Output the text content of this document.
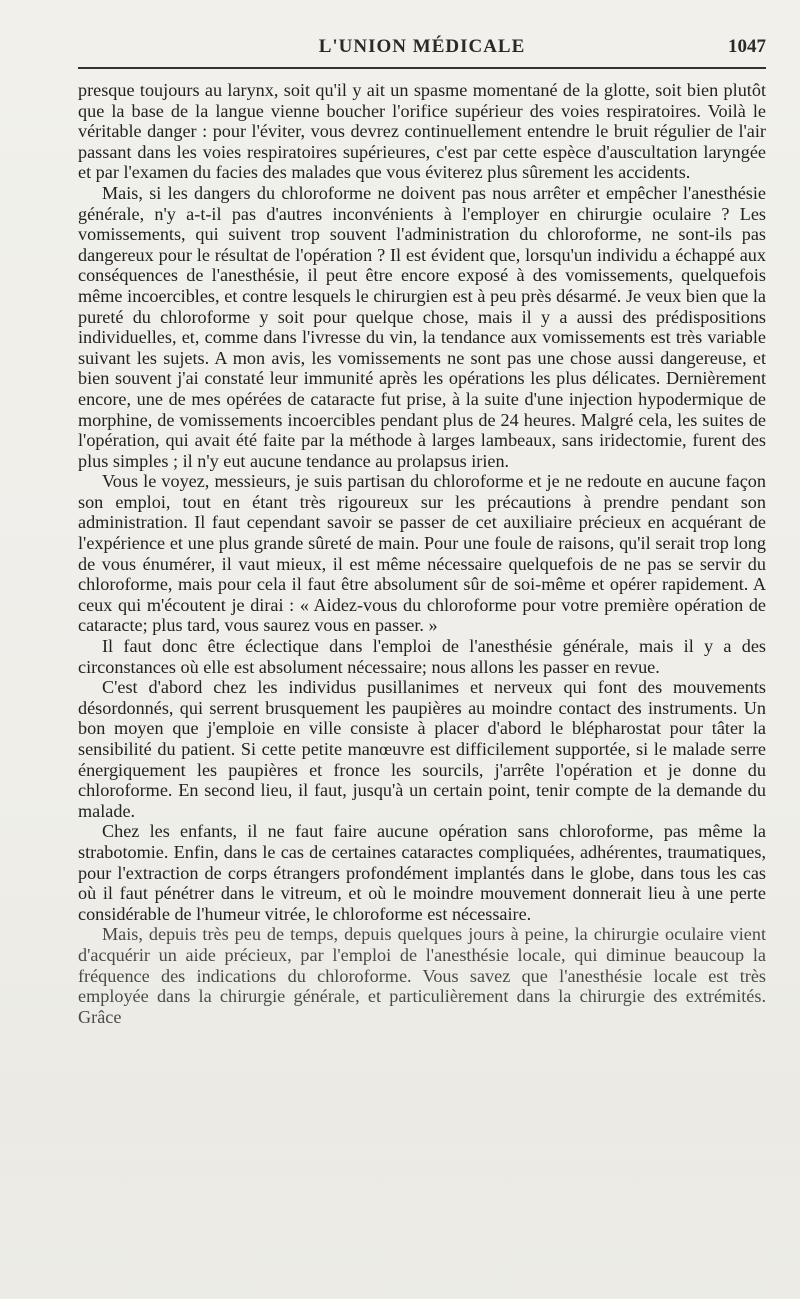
L'UNION MÉDICALE	1047

presque toujours au larynx, soit qu'il y ait un spasme momentané de la glotte, soit bien plutôt que la base de la langue vienne boucher l'orifice supérieur des voies respiratoires. Voilà le véritable danger : pour l'éviter, vous devrez continuellement entendre le bruit régulier de l'air passant dans les voies respiratoires supérieures, c'est par cette espèce d'auscultation laryngée et par l'examen du facies des malades que vous éviterez plus sûrement les accidents.

Mais, si les dangers du chloroforme ne doivent pas nous arrêter et empêcher l'anesthésie générale, n'y a-t-il pas d'autres inconvénients à l'employer en chirurgie oculaire ? Les vomissements, qui suivent trop souvent l'administration du chloroforme, ne sont-ils pas dangereux pour le résultat de l'opération ? Il est évident que, lorsqu'un individu a échappé aux conséquences de l'anesthésie, il peut être encore exposé à des vomissements, quelquefois même incoercibles, et contre lesquels le chirurgien est à peu près désarmé. Je veux bien que la pureté du chloroforme y soit pour quelque chose, mais il y a aussi des prédispositions individuelles, et, comme dans l'ivresse du vin, la tendance aux vomissements est très variable suivant les sujets. A mon avis, les vomissements ne sont pas une chose aussi dangereuse, et bien souvent j'ai constaté leur immunité après les opérations les plus délicates. Dernièrement encore, une de mes opérées de cataracte fut prise, à la suite d'une injection hypodermique de morphine, de vomissements incoercibles pendant plus de 24 heures. Malgré cela, les suites de l'opération, qui avait été faite par la méthode à larges lambeaux, sans iridectomie, furent des plus simples ; il n'y eut aucune tendance au prolapsus irien.

Vous le voyez, messieurs, je suis partisan du chloroforme et je ne redoute en aucune façon son emploi, tout en étant très rigoureux sur les précautions à prendre pendant son administration. Il faut cependant savoir se passer de cet auxiliaire précieux en acquérant de l'expérience et une plus grande sûreté de main. Pour une foule de raisons, qu'il serait trop long de vous énumérer, il vaut mieux, il est même nécessaire quelquefois de ne pas se servir du chloroforme, mais pour cela il faut être absolument sûr de soi-même et opérer rapidement. A ceux qui m'écoutent je dirai : « Aidez-vous du chloroforme pour votre première opération de cataracte; plus tard, vous saurez vous en passer. »

Il faut donc être éclectique dans l'emploi de l'anesthésie générale, mais il y a des circonstances où elle est absolument nécessaire; nous allons les passer en revue.

C'est d'abord chez les individus pusillanimes et nerveux qui font des mouvements désordonnés, qui serrent brusquement les paupières au moindre contact des instruments. Un bon moyen que j'emploie en ville consiste à placer d'abord le blépharostat pour tâter la sensibilité du patient. Si cette petite manœuvre est difficilement supportée, si le malade serre énergiquement les paupières et fronce les sourcils, j'arrête l'opération et je donne du chloroforme. En second lieu, il faut, jusqu'à un certain point, tenir compte de la demande du malade.

Chez les enfants, il ne faut faire aucune opération sans chloroforme, pas même la strabotomie. Enfin, dans le cas de certaines cataractes compliquées, adhérentes, traumatiques, pour l'extraction de corps étrangers profondément implantés dans le globe, dans tous les cas où il faut pénétrer dans le vitreum, et où le moindre mouvement donnerait lieu à une perte considérable de l'humeur vitrée, le chloroforme est nécessaire.

Mais, depuis très peu de temps, depuis quelques jours à peine, la chirurgie oculaire vient d'acquérir un aide précieux, par l'emploi de l'anesthésie locale, qui diminue beaucoup la fréquence des indications du chloroforme. Vous savez que l'anesthésie locale est très employée dans la chirurgie générale, et particulièrement dans la chirurgie des extrémités. Grâce
